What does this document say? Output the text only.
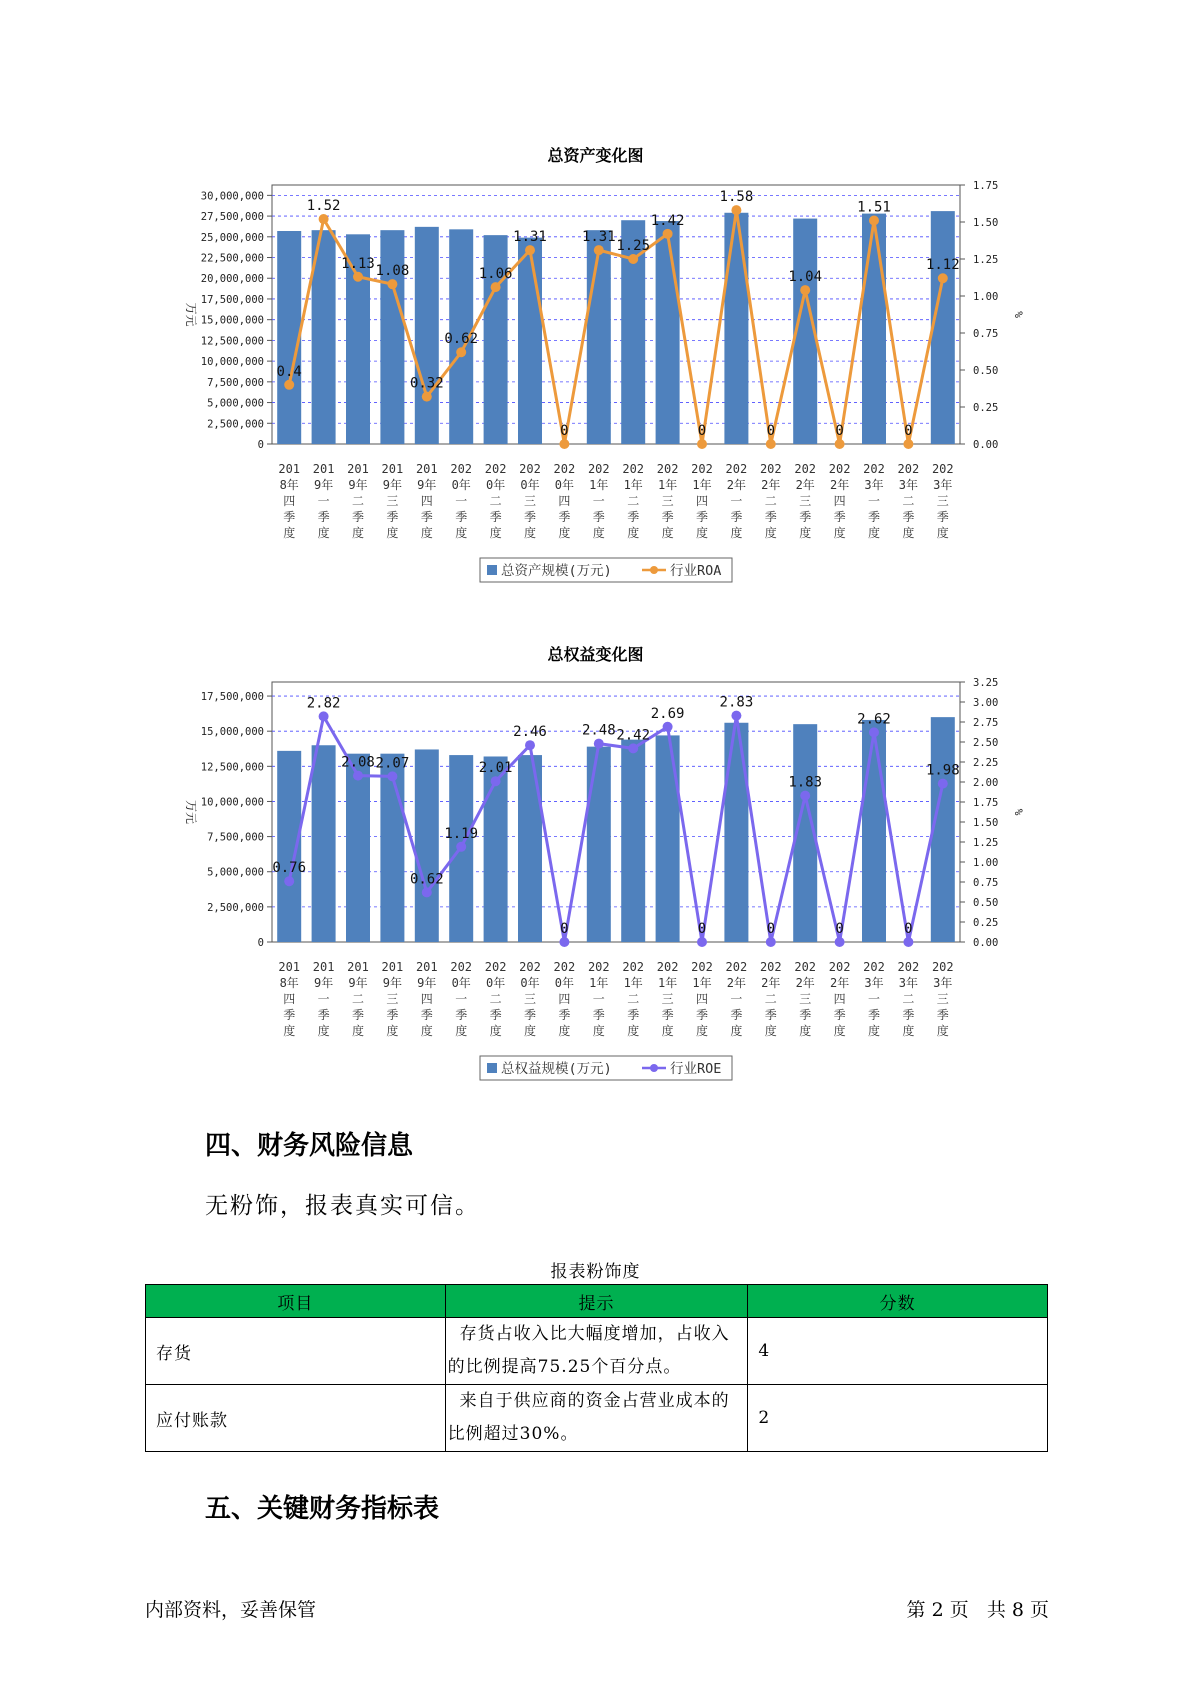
总资产变化图
0
2,500,000
5,000,000
7,500,000
10,000,000
12,500,000
15,000,000
17,500,000
20,000,000
22,500,000
25,000,000
27,500,000
30,000,000
0.00
0.25
0.50
0.75
1.00
1.25
1.50
1.75
万元	%
0.4
1.52
1.13 1.08
0.32
0.62
1.06
1.31
0
1.31
1.25
1.42
0
1.58
0
1.04
0
1.51
0
1.12
201 8年四季度
201 9年一季度
201 9年二季度
201 9年三季度
201 9年四季度
202 0年一季度
202 0年二季度
202 0年三季度
202 0年四季度
202 1年一季度
202 1年二季度
202 1年三季度
202 1年四季度
202 2年一季度
202 2年二季度
202 2年三季度
202 2年四季度
202 3年一季度
202 3年二季度
202 3年三季度
总资产规模(万元)	行业ROA
总权益变化图
0
2,500,000
5,000,000
7,500,000
10,000,000
12,500,000
15,000,000
17,500,000
0.00
0.25
0.50
0.75
1.00
1.25
1.50
1.75
2.00
2.25
2.50
2.75
3.00
3.25
万元	%
0.76
2.82
2.08 2.07
0.62
1.19
2.01
2.46
0
2.48 2.42
2.69
0
2.83
0
1.83
0
2.62
0
1.98
201 8年四季度
201 9年一季度
201 9年二季度
201 9年三季度
201 9年四季度
202 0年一季度
202 0年二季度
202 0年三季度
202 0年四季度
202 1年一季度
202 1年二季度
202 1年三季度
202 1年四季度
202 2年一季度
202 2年二季度
202 2年三季度
202 2年四季度
202 3年一季度
202 3年二季度
202 3年三季度
总权益规模(万元)	行业ROE
四、财务风险信息
无粉饰，报表真实可信。
报表粉饰度
项目	提示	分数
存货	存货占收入比大幅度增加，占收入的比例提高75.25个百分点。	4
应付账款	来自于供应商的资金占营业成本的比例超过30%。	2
五、关键财务指标表
内部资料，妥善保管	第 2 页   共 8 页
